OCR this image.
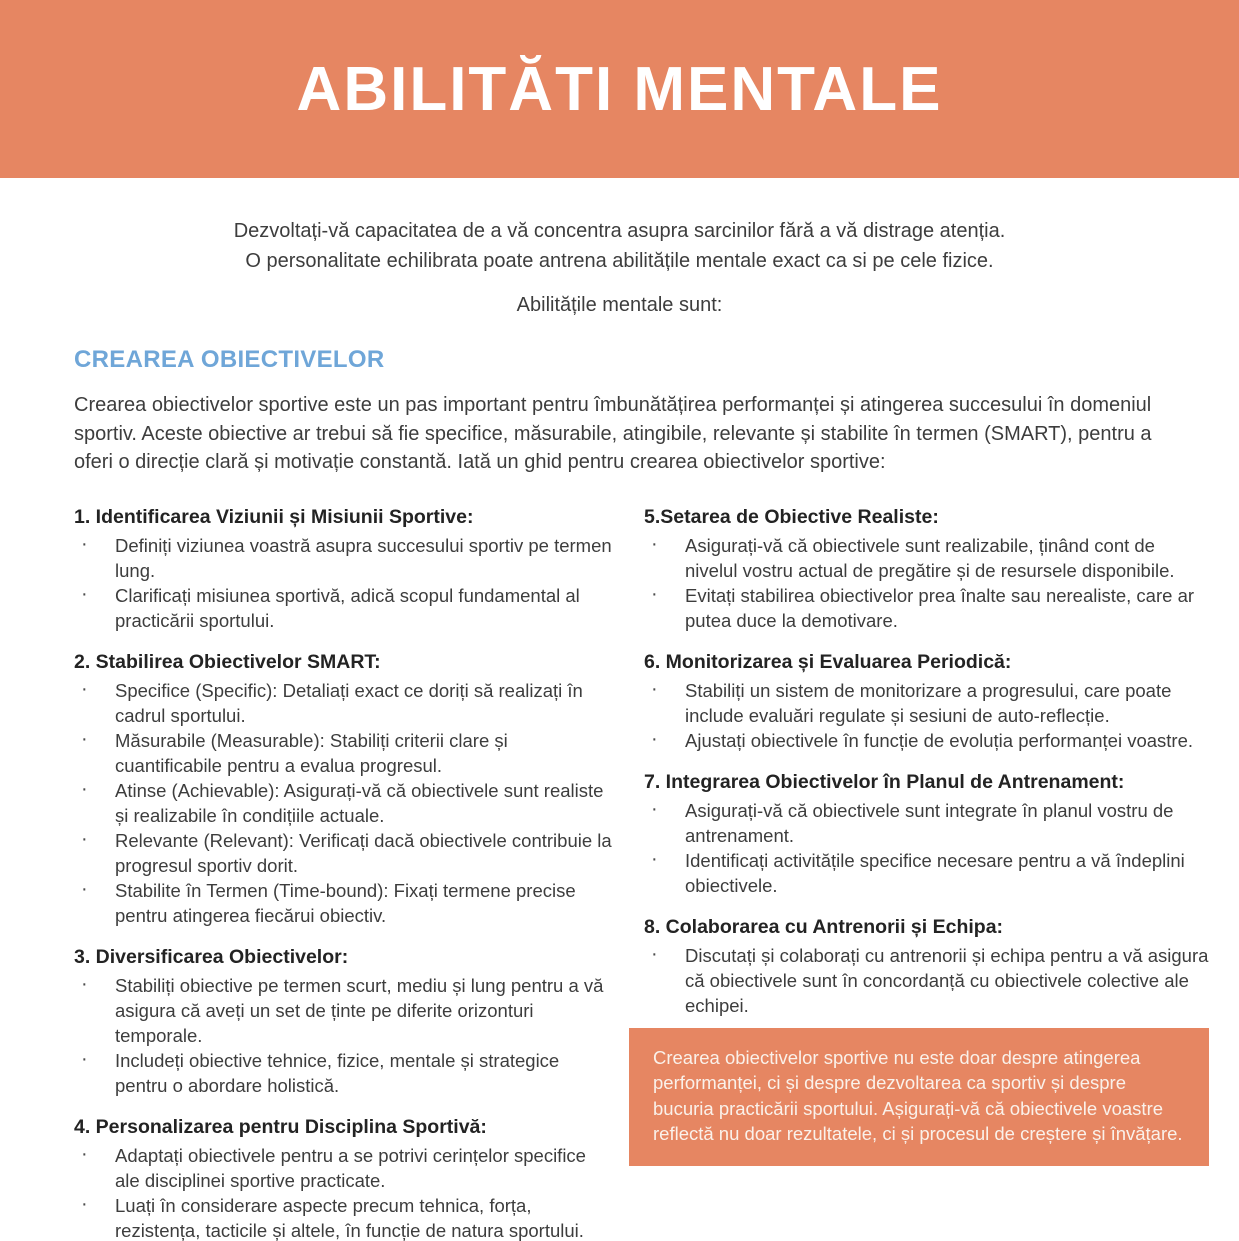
ABILITĂTI MENTALE
Dezvoltați-vă capacitatea de a vă concentra asupra sarcinilor fără a vă distrage atenția.
O personalitate echilibrata poate antrena abilitățile mentale exact ca si pe cele fizice.
Abilitățile mentale sunt:
CREAREA OBIECTIVELOR

Crearea obiectivelor sportive este un pas important pentru îmbunătățirea performanței și atingerea succesului în domeniul sportiv. Aceste obiective ar trebui să fie specifice, măsurabile, atingibile, relevante și stabilite în termen (SMART), pentru a oferi o direcție clară și motivație constantă. Iată un ghid pentru crearea obiectivelor sportive:

1. Identificarea Viziunii și Misiunii Sportive:
· Definiți viziunea voastră asupra succesului sportiv pe termen lung.
· Clarificați misiunea sportivă, adică scopul fundamental al practicării sportului.
2. Stabilirea Obiectivelor SMART:
· Specifice (Specific): Detaliați exact ce doriți să realizați în cadrul sportului.
· Măsurabile (Measurable): Stabiliți criterii clare și cuantificabile pentru a evalua progresul.
· Atinse (Achievable): Asigurați-vă că obiectivele sunt realiste și realizabile în condițiile actuale.
· Relevante (Relevant): Verificați dacă obiectivele contribuie la progresul sportiv dorit.
· Stabilite în Termen (Time-bound): Fixați termene precise pentru atingerea fiecărui obiectiv.
3. Diversificarea Obiectivelor:
· Stabiliți obiective pe termen scurt, mediu și lung pentru a vă asigura că aveți un set de ținte pe diferite orizonturi temporale.
· Includeți obiective tehnice, fizice, mentale și strategice pentru o abordare holistică.
4. Personalizarea pentru Disciplina Sportivă:
· Adaptați obiectivele pentru a se potrivi cerințelor specifice ale disciplinei sportive practicate.
· Luați în considerare aspecte precum tehnica, forța, rezistența, tacticile și altele, în funcție de natura sportului.
5.Setarea de Obiective Realiste:
· Asigurați-vă că obiectivele sunt realizabile, ținând cont de nivelul vostru actual de pregătire și de resursele disponibile.
· Evitați stabilirea obiectivelor prea înalte sau nerealiste, care ar putea duce la demotivare.
6. Monitorizarea și Evaluarea Periodică:
· Stabiliți un sistem de monitorizare a progresului, care poate include evaluări regulate și sesiuni de auto-reflecție.
· Ajustați obiectivele în funcție de evoluția performanței voastre.
7. Integrarea Obiectivelor în Planul de Antrenament:
· Asigurați-vă că obiectivele sunt integrate în planul vostru de antrenament.
· Identificați activitățile specifice necesare pentru a vă îndeplini obiectivele.
8. Colaborarea cu Antrenorii și Echipa:
· Discutați și colaborați cu antrenorii și echipa pentru a vă asigura că obiectivele sunt în concordanță cu obiectivele colective ale echipei.
Crearea obiectivelor sportive nu este doar despre atingerea performanței, ci și despre dezvoltarea ca sportiv și despre bucuria practicării sportului. Așigurați-vă că obiectivele voastre reflectă nu doar rezultatele, ci și procesul de creștere și învățare.
